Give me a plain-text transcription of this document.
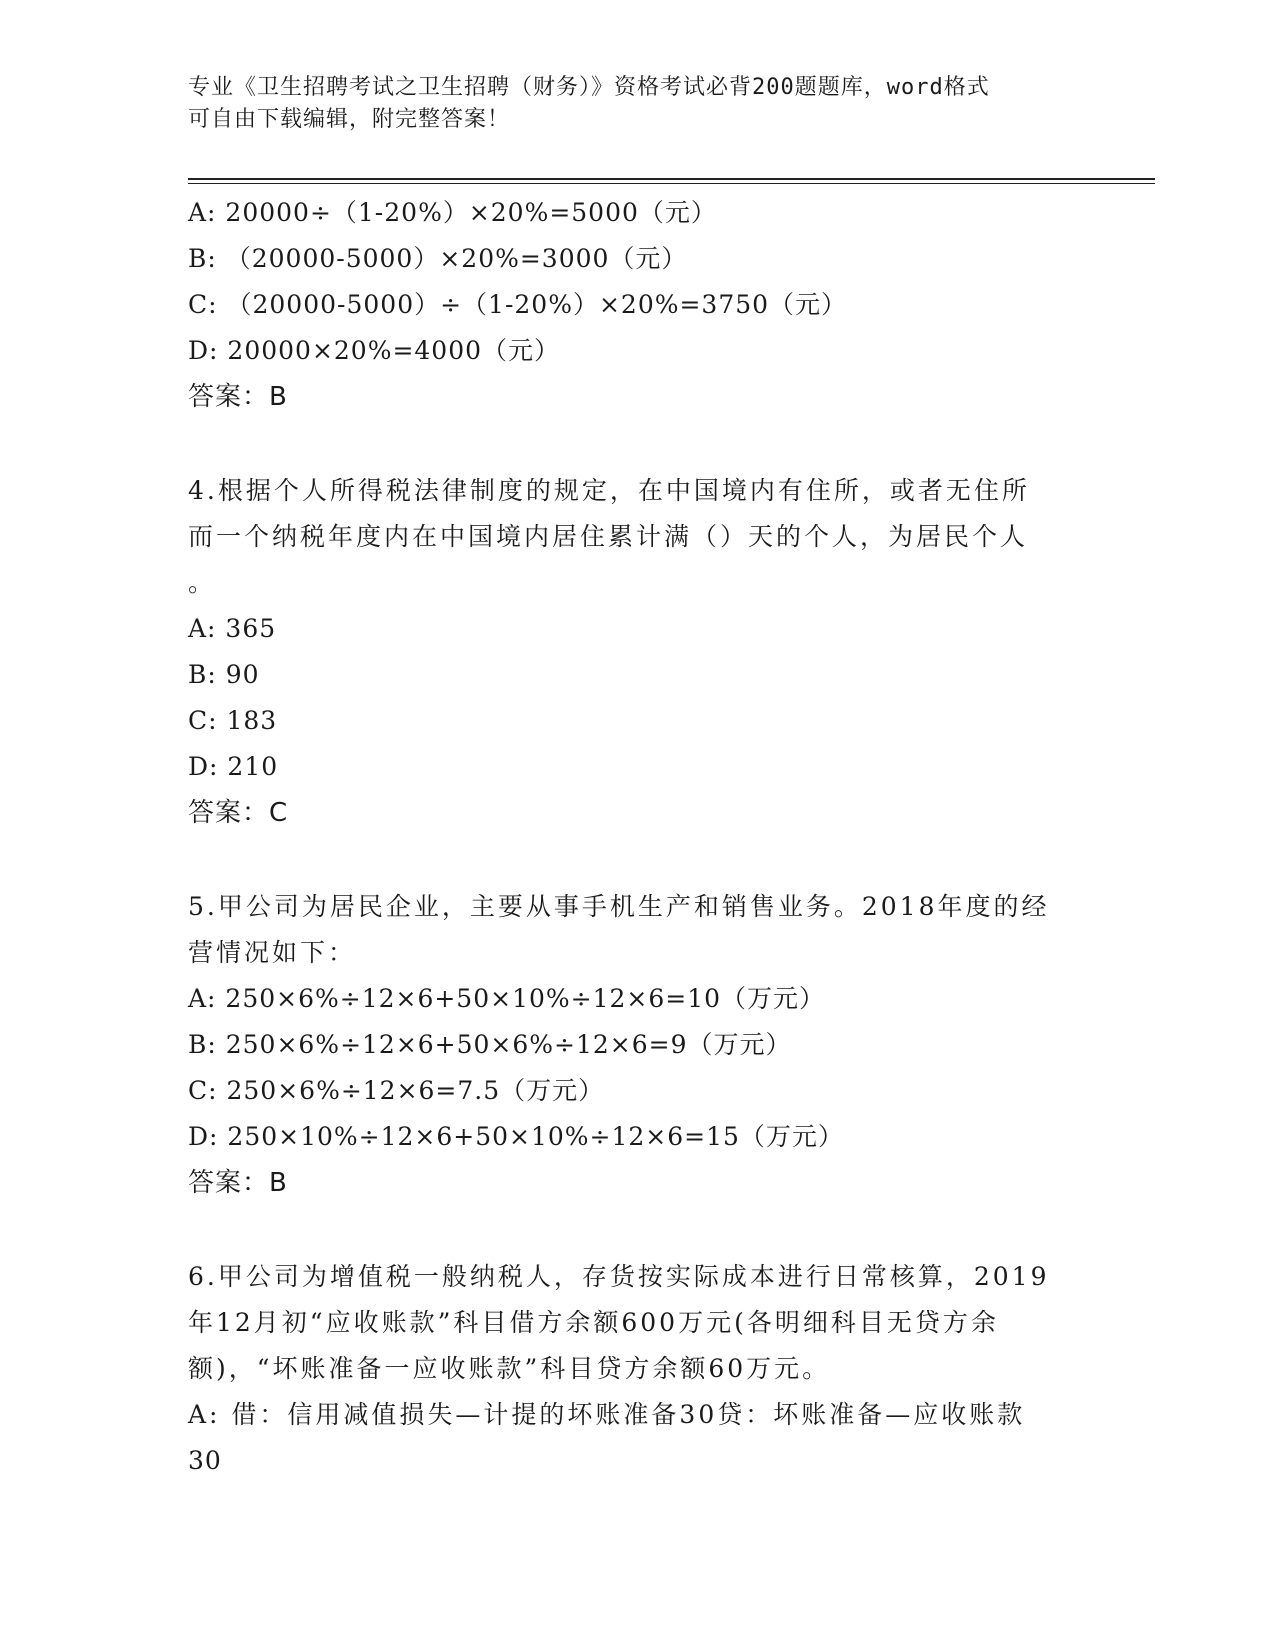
专业《卫生招聘考试之卫生招聘（财务）》资格考试必背200题题库，word格式
可自由下载编辑，附完整答案！
A: 20000÷（1-20%）×20%=5000（元）
B: （20000-5000）×20%=3000（元）
C: （20000-5000）÷（1-20%）×20%=3750（元）
D: 20000×20%=4000（元）
答案：B
4.根据个人所得税法律制度的规定，在中国境内有住所，或者无住所
而一个纳税年度内在中国境内居住累计满（）天的个人，为居民个人
。
A: 365
B: 90
C: 183
D: 210
答案：C
5.甲公司为居民企业，主要从事手机生产和销售业务。2018年度的经
营情况如下：
A: 250×6%÷12×6+50×10%÷12×6=10（万元）
B: 250×6%÷12×6+50×6%÷12×6=9（万元）
C: 250×6%÷12×6=7.5（万元）
D: 250×10%÷12×6+50×10%÷12×6=15（万元）
答案：B
6.甲公司为增值税一般纳税人，存货按实际成本进行日常核算，2019
年12月初“应收账款”科目借方余额600万元(各明细科目无贷方余
额)，“坏账准备一应收账款”科目贷方余额60万元。
A: 借：信用减值损失—计提的坏账准备30贷：坏账准备—应收账款
30
